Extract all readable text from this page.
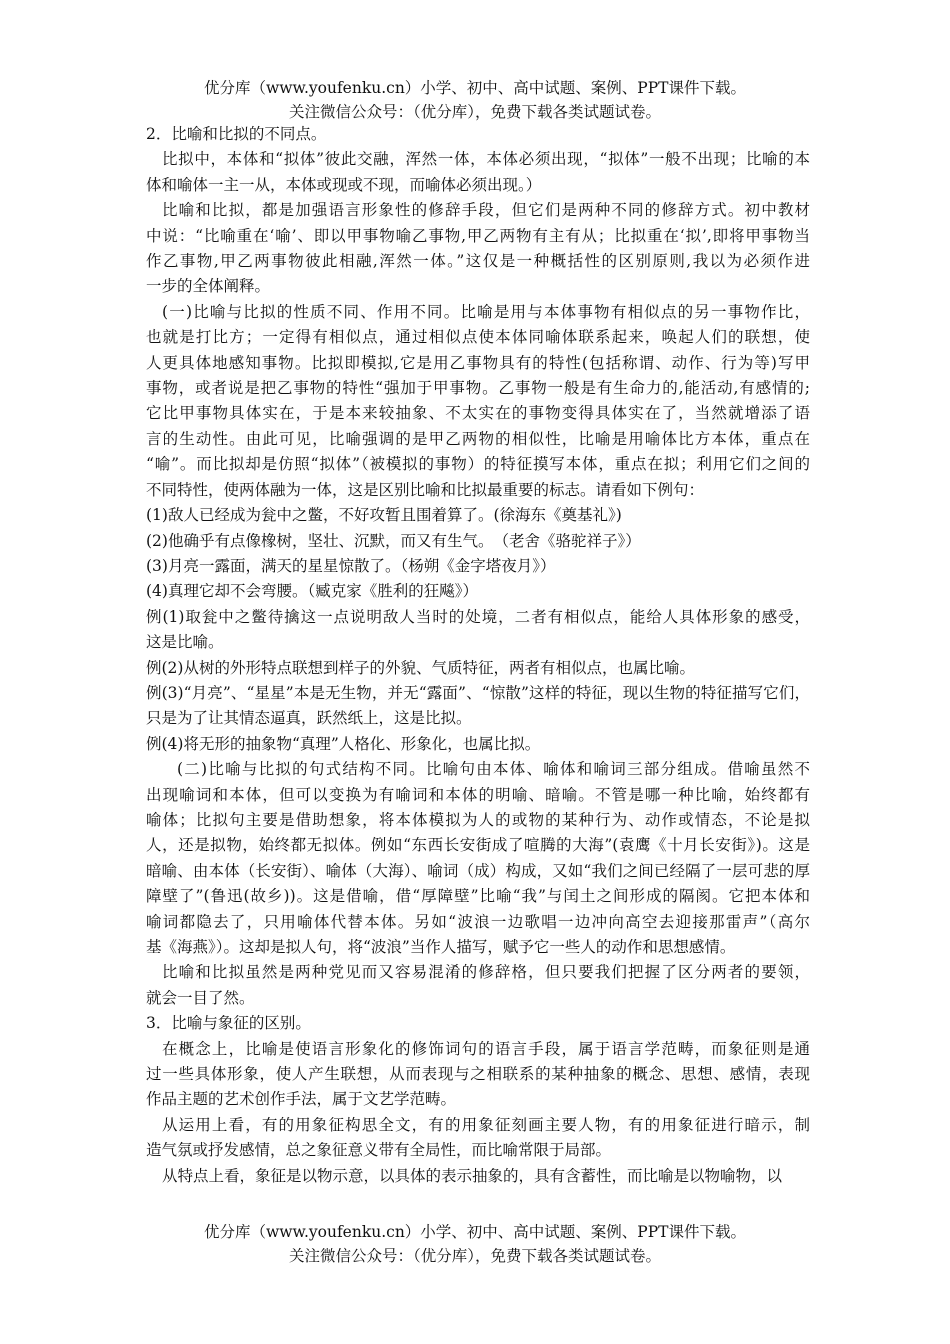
优分库（www.youfenku.cn）小学、初中、高中试题、案例、PPT课件下载。

关注微信公众号：（优分库），免费下载各类试题试卷。

2．比喻和比拟的不同点。

比拟中，本体和“拟体”彼此交融，浑然一体，本体必须出现，“拟体”一般不出现；比喻的本
体和喻体一主一从，本体或现或不现，而喻体必须出现。）

比喻和比拟，都是加强语言形象性的修辞手段，但它们是两种不同的修辞方式。初中教材
中说：“比喻重在‘喻’、即以甲事物喻乙事物,甲乙两物有主有从；比拟重在‘拟’,即将甲事物当
作乙事物,甲乙两事物彼此相融,浑然一体。”这仅是一种概括性的区别原则,我以为必须作进
一步的全体阐释。

(一)比喻与比拟的性质不同、作用不同。比喻是用与本体事物有相似点的另一事物作比，
也就是打比方；一定得有相似点，通过相似点使本体同喻体联系起来，唤起人们的联想，使
人更具体地感知事物。比拟即模拟,它是用乙事物具有的特性(包括称谓、动作、行为等)写甲
事物，或者说是把乙事物的特性“强加于甲事物。乙事物一般是有生命力的,能活动,有感情的;
它比甲事物具体实在，于是本来较抽象、不太实在的事物变得具体实在了，当然就增添了语
言的生动性。由此可见，比喻强调的是甲乙两物的相似性，比喻是用喻体比方本体，重点在
“喻”。而比拟却是仿照“拟体”（被模拟的事物）的特征摸写本体，重点在拟；利用它们之间的
不同特性，使两体融为一体，这是区别比喻和比拟最重要的标志。请看如下例句：

(1)敌人已经成为瓮中之鳖，不好攻暂且围着算了。(徐海东《奠基礼》)

(2)他确乎有点像橡树，坚壮、沉默，而又有生气。　（老舍《骆驼祥子》）

(3)月亮一露面，满天的星星惊散了。（杨朔《金字塔夜月》）

(4)真理它却不会弯腰。（臧克家《胜利的狂飚》）

例(1)取瓮中之鳖待擒这一点说明敌人当时的处境，二者有相似点，能给人具体形象的感受，
这是比喻。

例(2)从树的外形特点联想到样子的外貌、气质特征，两者有相似点，也属比喻。

例(3)“月亮”、“星星”本是无生物，并无“露面”、“惊散”这样的特征，现以生物的特征描写它们，
只是为了让其情态逼真，跃然纸上，这是比拟。

例(4)将无形的抽象物“真理”人格化、形象化，也属比拟。

(二)比喻与比拟的句式结构不同。比喻句由本体、喻体和喻词三部分组成。借喻虽然不
出现喻词和本体，但可以变换为有喻词和本体的明喻、暗喻。不管是哪一种比喻，始终都有
喻体；比拟句主要是借助想象，将本体模拟为人的或物的某种行为、动作或情态，不论是拟
人，还是拟物，始终都无拟体。例如“东西长安街成了喧腾的大海”(袁鹰《十月长安街》)。这是
暗喻、由本体（长安街）、喻体（大海）、喻词（成）构成，又如“我们之间已经隔了一层可悲的厚
障壁了”(鲁迅(故乡))。这是借喻，借“厚障壁”比喻“我”与闰土之间形成的隔阂。它把本体和
喻词都隐去了，只用喻体代替本体。另如“波浪一边歌唱一边冲向高空去迎接那雷声”（高尔
基《海燕》）。这却是拟人句，将“波浪”当作人描写，赋予它一些人的动作和思想感情。

比喻和比拟虽然是两种党见而又容易混淆的修辞格，但只要我们把握了区分两者的要领，
就会一目了然。

3．比喻与象征的区别。

在概念上，比喻是使语言形象化的修饰词句的语言手段，属于语言学范畴，而象征则是通
过一些具体形象，使人产生联想，从而表现与之相联系的某种抽象的概念、思想、感情，表现
作品主题的艺术创作手法，属于文艺学范畴。

从运用上看，有的用象征构思全文，有的用象征刻画主要人物，有的用象征进行暗示，制
造气氛或抒发感情，总之象征意义带有全局性，而比喻常限于局部。

从特点上看，象征是以物示意，以具体的表示抽象的，具有含蓄性，而比喻是以物喻物，以

优分库（www.youfenku.cn）小学、初中、高中试题、案例、PPT课件下载。

关注微信公众号：（优分库），免费下载各类试题试卷。
